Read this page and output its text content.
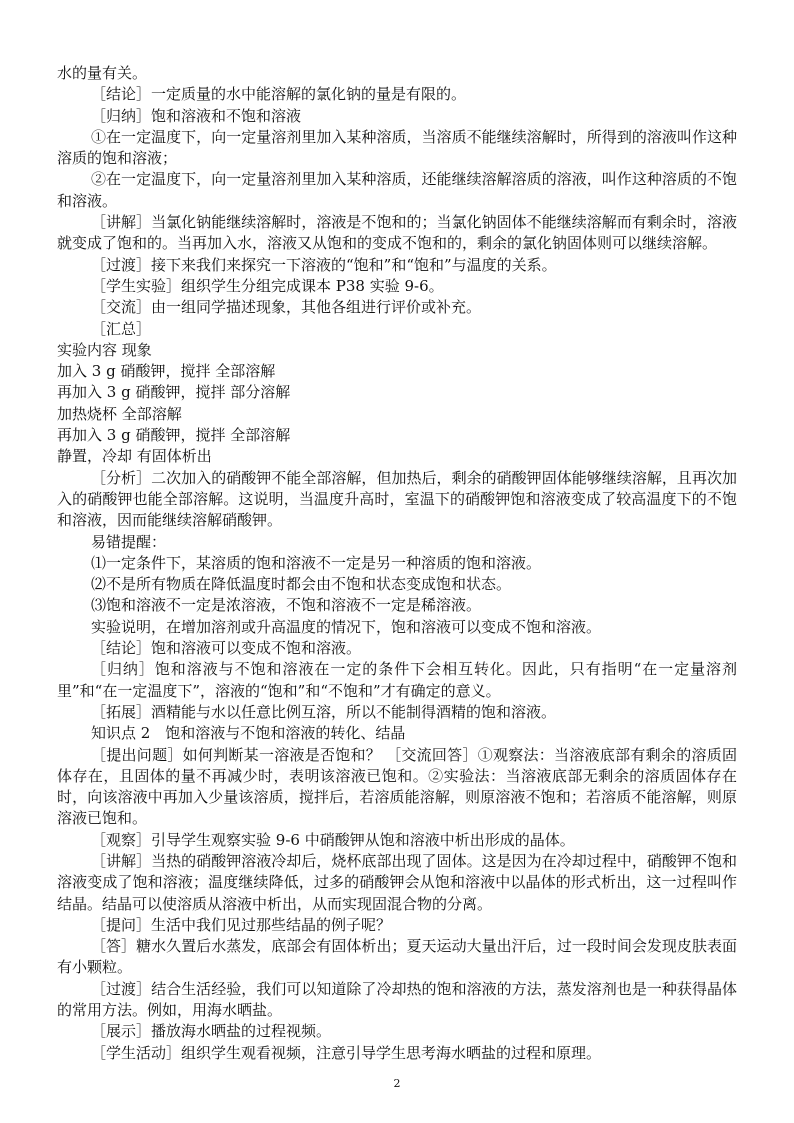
水的量有关。

［结论］一定质量的水中能溶解的氯化钠的量是有限的。

［归纳］饱和溶液和不饱和溶液

①在一定温度下，向一定量溶剂里加入某种溶质，当溶质不能继续溶解时，所得到的溶液叫作这种溶质的饱和溶液；

②在一定温度下，向一定量溶剂里加入某种溶质，还能继续溶解溶质的溶液，叫作这种溶质的不饱和溶液。

［讲解］当氯化钠能继续溶解时，溶液是不饱和的；当氯化钠固体不能继续溶解而有剩余时，溶液就变成了饱和的。当再加入水，溶液又从饱和的变成不饱和的，剩余的氯化钠固体则可以继续溶解。

［过渡］接下来我们来探究一下溶液的“饱和”和“饱和”与温度的关系。

［学生实验］组织学生分组完成课本 P38 实验 9-6。

［交流］由一组同学描述现象，其他各组进行评价或补充。

［汇总］

实验内容 现象

加入 3 g 硝酸钾，搅拌 全部溶解

再加入 3 g 硝酸钾，搅拌 部分溶解

加热烧杯 全部溶解

再加入 3 g 硝酸钾，搅拌 全部溶解

静置，冷却 有固体析出

［分析］二次加入的硝酸钾不能全部溶解，但加热后，剩余的硝酸钾固体能够继续溶解，且再次加入的硝酸钾也能全部溶解。这说明，当温度升高时，室温下的硝酸钾饱和溶液变成了较高温度下的不饱和溶液，因而能继续溶解硝酸钾。

易错提醒：

⑴一定条件下，某溶质的饱和溶液不一定是另一种溶质的饱和溶液。

⑵不是所有物质在降低温度时都会由不饱和状态变成饱和状态。

⑶饱和溶液不一定是浓溶液，不饱和溶液不一定是稀溶液。

实验说明，在增加溶剂或升高温度的情况下，饱和溶液可以变成不饱和溶液。

［结论］饱和溶液可以变成不饱和溶液。

［归纳］饱和溶液与不饱和溶液在一定的条件下会相互转化。因此，只有指明“在一定量溶剂里”和“在一定温度下”，溶液的“饱和”和“不饱和”才有确定的意义。

［拓展］酒精能与水以任意比例互溶，所以不能制得酒精的饱和溶液。

知识点 2　饱和溶液与不饱和溶液的转化、结晶

［提出问题］如何判断某一溶液是否饱和？ ［交流回答］①观察法：当溶液底部有剩余的溶质固体存在，且固体的量不再减少时，表明该溶液已饱和。②实验法：当溶液底部无剩余的溶质固体存在时，向该溶液中再加入少量该溶质，搅拌后，若溶质能溶解，则原溶液不饱和；若溶质不能溶解，则原溶液已饱和。

［观察］引导学生观察实验 9-6 中硝酸钾从饱和溶液中析出形成的晶体。

［讲解］当热的硝酸钾溶液冷却后，烧杯底部出现了固体。这是因为在冷却过程中，硝酸钾不饱和溶液变成了饱和溶液；温度继续降低，过多的硝酸钾会从饱和溶液中以晶体的形式析出，这一过程叫作结晶。结晶可以使溶质从溶液中析出，从而实现固混合物的分离。

［提问］生活中我们见过那些结晶的例子呢？

［答］糖水久置后水蒸发，底部会有固体析出；夏天运动大量出汗后，过一段时间会发现皮肤表面有小颗粒。

［过渡］结合生活经验，我们可以知道除了冷却热的饱和溶液的方法，蒸发溶剂也是一种获得晶体的常用方法。例如，用海水晒盐。

［展示］播放海水晒盐的过程视频。

［学生活动］组织学生观看视频，注意引导学生思考海水晒盐的过程和原理。

2
